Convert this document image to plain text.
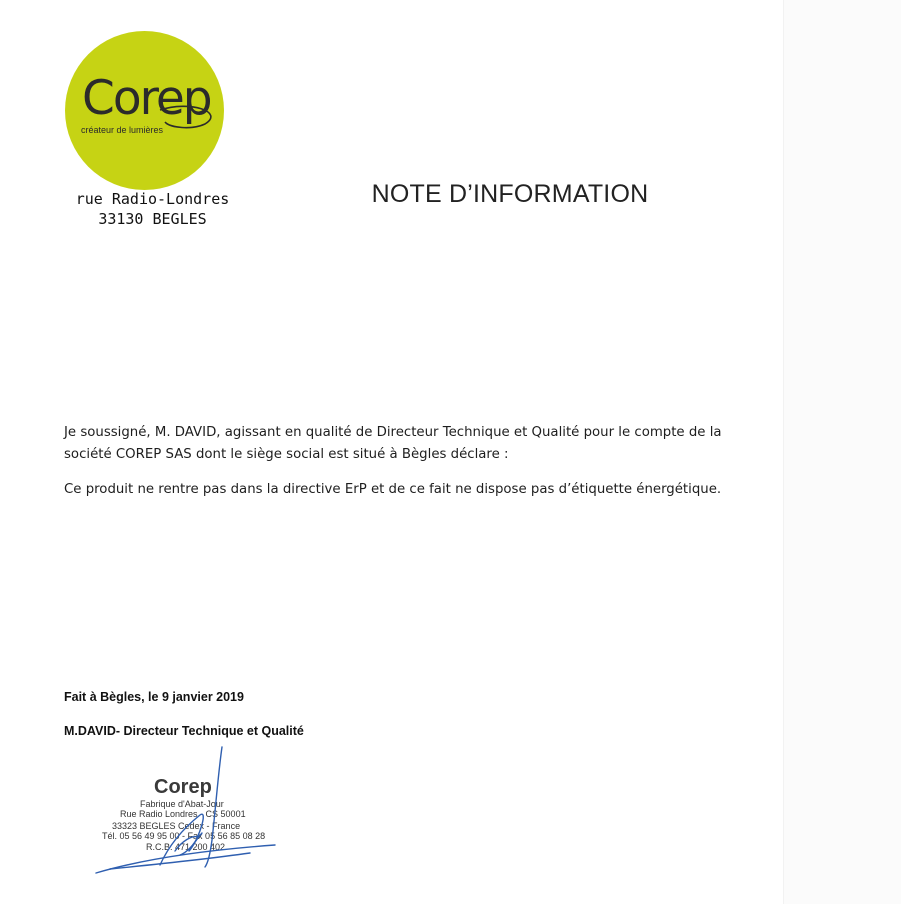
Corep
créateur de lumières
rue Radio-Londres
33130 BEGLES
NOTE D’INFORMATION

Je soussigné, M. DAVID, agissant en qualité de Directeur Technique et Qualité pour le compte de la société COREP SAS dont le siège social est situé à Bègles déclare :

Ce produit ne rentre pas dans la directive ErP et de ce fait ne dispose pas d’étiquette énergétique.

Fait à Bègles, le 9 janvier 2019
M.DAVID- Directeur Technique et Qualité
Corep
Fabrique d'Abat-Jour
Rue Radio Londres - CS 50001
33323 BEGLES Cedex - France
Tél. 05 56 49 95 00 - Fax 05 56 85 08 28
R.C.B. 471 200 402
